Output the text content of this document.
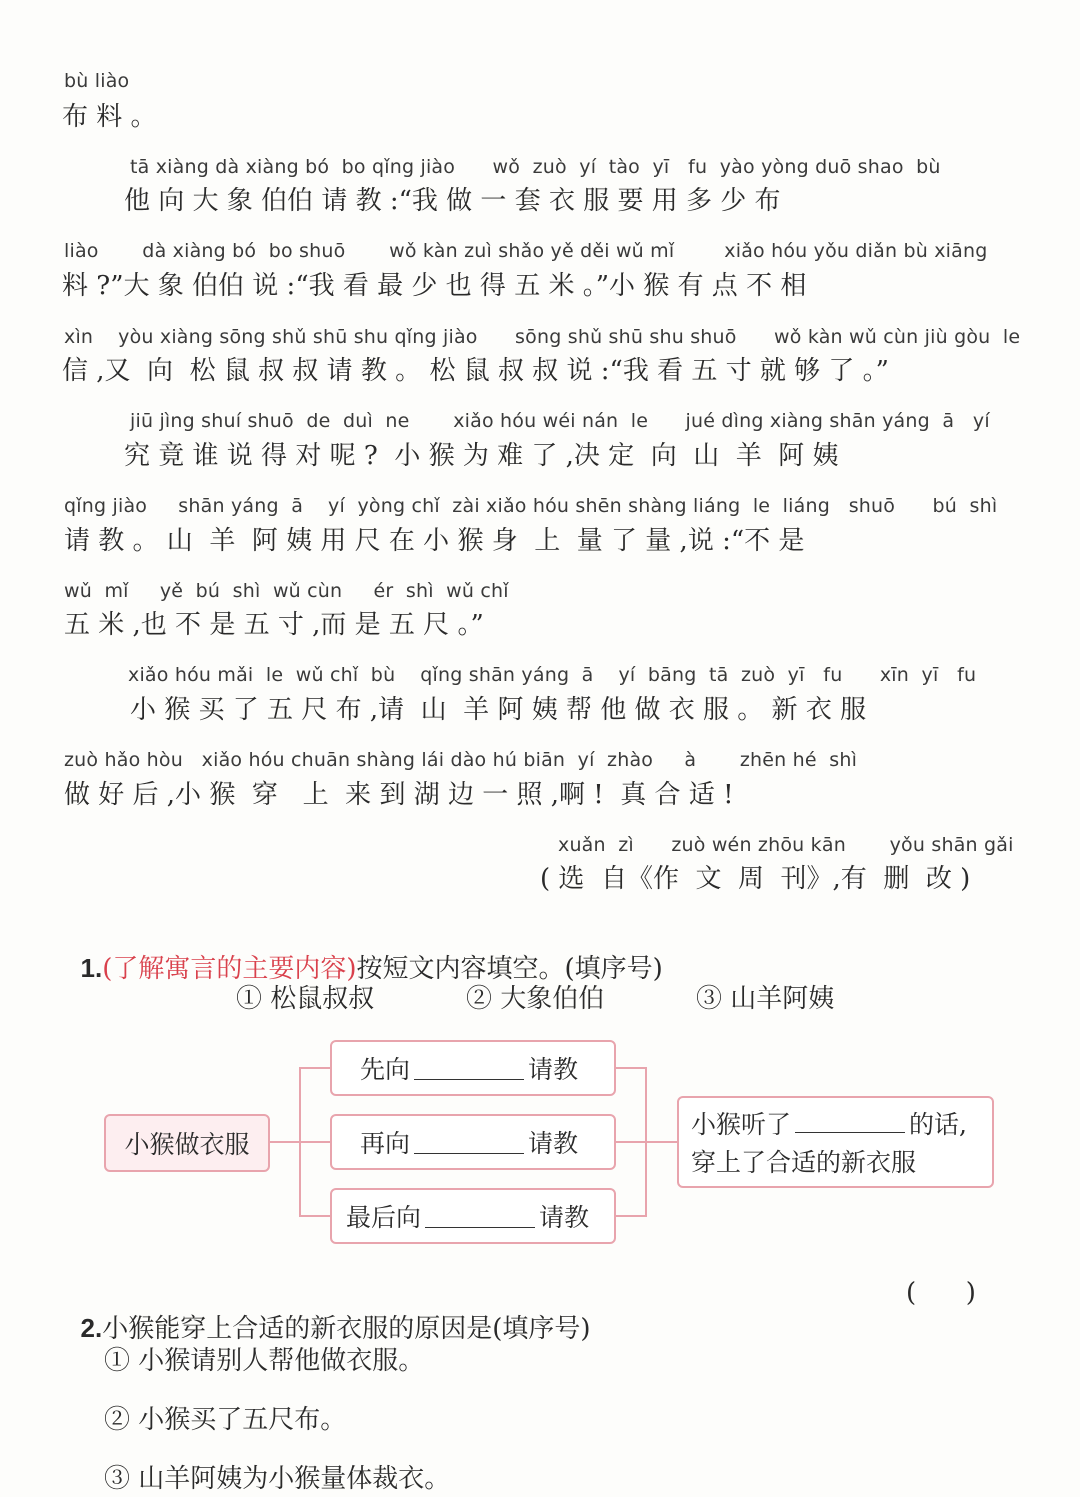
bù liào
布 料 。
tā xiàng dà xiàng bó  bo qǐng jiào      wǒ  zuò  yí  tào  yī   fu  yào yòng duō shao  bù
他 向 大 象 伯伯 请 教 :“我 做 一 套 衣 服 要 用 多 少 布
liào       dà xiàng bó  bo shuō       wǒ kàn zuì shǎo yě děi wǔ mǐ        xiǎo hóu yǒu diǎn bù xiāng
料 ?”大 象 伯伯 说 :“我 看 最 少 也 得 五 米 。”小 猴 有 点 不 相
xìn    yòu xiàng sōng shǔ shū shu qǐng jiào      sōng shǔ shū shu shuō      wǒ kàn wǔ cùn jiù gòu  le
信 ,又  向  松 鼠 叔 叔 请 教 。 松 鼠 叔 叔 说 :“我 看 五 寸 就 够 了 。”
jiū jìng shuí shuō  de  duì  ne       xiǎo hóu wéi nán  le      jué dìng xiàng shān yáng  ā   yí
究 竟 谁 说 得 对 呢 ?  小 猴 为 难 了 ,决 定  向  山  羊  阿 姨
qǐng jiào     shān yáng  ā    yí  yòng chǐ  zài xiǎo hóu shēn shàng liáng  le  liáng   shuō      bú  shì
请 教 。 山  羊  阿 姨 用 尺 在 小 猴 身  上  量 了 量 ,说 :“不 是
wǔ  mǐ     yě  bú  shì  wǔ cùn     ér  shì  wǔ chǐ
五 米 ,也 不 是 五 寸 ,而 是 五 尺 。”
xiǎo hóu mǎi  le  wǔ chǐ  bù    qǐng shān yáng  ā    yí  bāng  tā  zuò  yī   fu      xīn  yī   fu
小 猴 买 了 五 尺 布 ,请  山  羊 阿 姨 帮 他 做 衣 服 。 新 衣 服
zuò hǎo hòu   xiǎo hóu chuān shàng lái dào hú biān  yí  zhào     à       zhēn hé  shì
做 好 后 ,小 猴  穿   上  来 到 湖 边 一 照 ,啊 !  真 合 适 !
xuǎn  zì      zuò wén zhōu kān       yǒu shān gǎi
( 选  自《作  文  周  刊》,有  删  改 )

1.(了解寓言的主要内容)按短文内容填空。(填序号)

① 松鼠叔叔	② 大象伯伯	③ 山羊阿姨
小猴做衣服
先向	请教
再向	请教
最后向	请教
小猴听了	的话,
穿上了合适的新衣服

2.小猴能穿上合适的新衣服的原因是(填序号)

(      )
① 小猴请别人帮他做衣服。
② 小猴买了五尺布。
③ 山羊阿姨为小猴量体裁衣。
